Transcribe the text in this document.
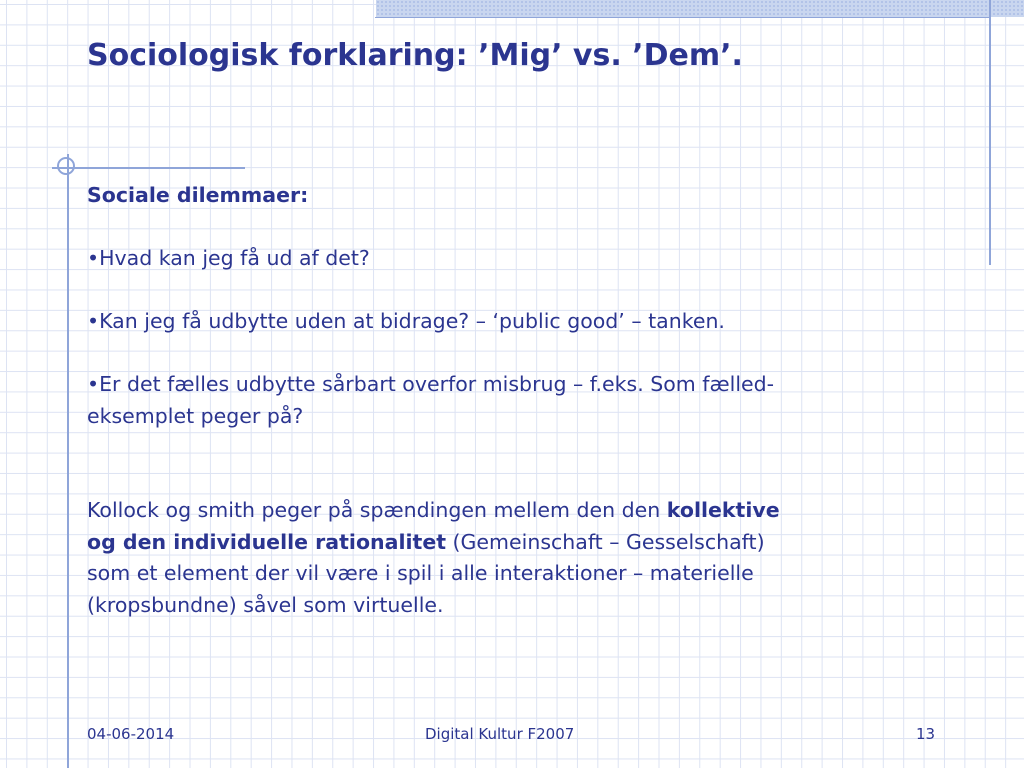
Sociologisk forklaring: ’Mig’ vs. ’Dem’.

Sociale dilemmaer:

•Hvad kan jeg få ud af det?

•Kan jeg få udbytte uden at bidrage? – ‘public good’ – tanken.

•Er det fælles udbytte sårbart overfor misbrug – f.eks. Som fælled-eksemplet peger på?

Kollock og smith peger på spændingen mellem den den kollektive og den individuelle rationalitet (Gemeinschaft – Gesselschaft) som et element der vil være i spil i alle interaktioner – materielle (kropsbundne) såvel som virtuelle.

04-06-2014	Digital Kultur F2007	13
